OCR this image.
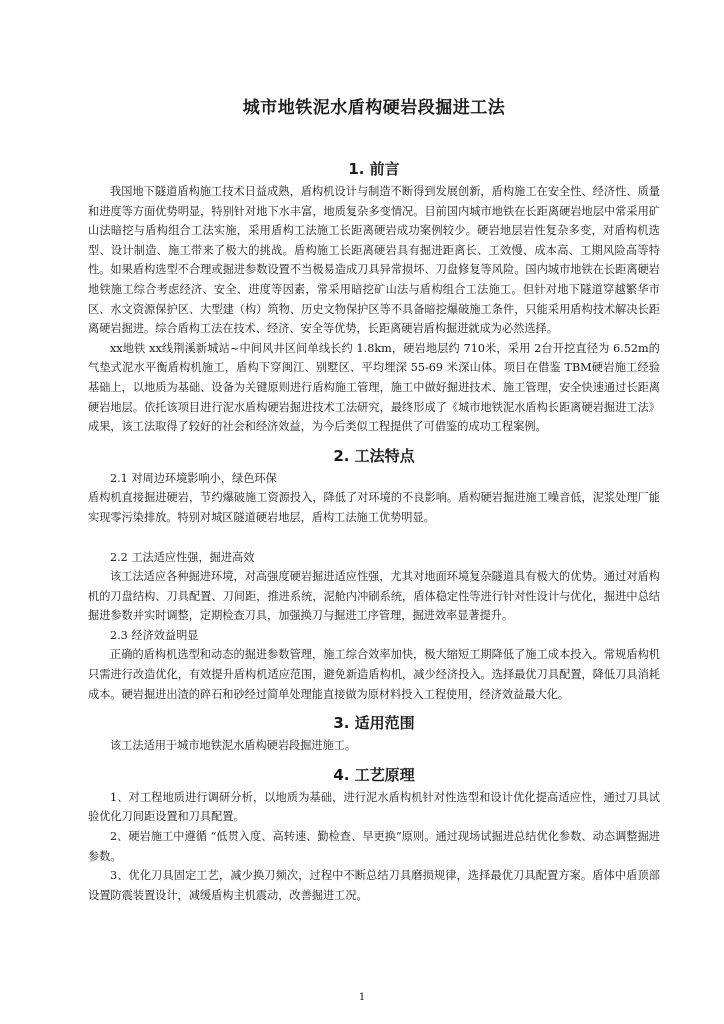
城市地铁泥水盾构硬岩段掘进工法
1. 前言

我国地下隧道盾构施工技术日益成熟，盾构机设计与制造不断得到发展创新，盾构施工在安全性、经济性、质量和进度等方面优势明显，特别针对地下水丰富，地质复杂多变情况。目前国内城市地铁在长距离硬岩地层中常采用矿山法暗挖与盾构组合工法实施，采用盾构工法施工长距离硬岩成功案例较少。硬岩地层岩性复杂多变，对盾构机选型、设计制造、施工带来了极大的挑战。盾构施工长距离硬岩具有掘进距离长、工效慢、成本高、工期风险高等特性。如果盾构选型不合理或掘进参数设置不当极易造成刀具异常损坏、刀盘修复等风险。国内城市地铁在长距离硬岩地铁施工综合考虑经济、安全、进度等因素，常采用暗挖矿山法与盾构组合工法施工。但针对地下隧道穿越繁华市区、水文资源保护区、大型建（构）筑物、历史文物保护区等不具备暗挖爆破施工条件，只能采用盾构技术解决长距离硬岩掘进。综合盾构工法在技术、经济、安全等优势，长距离硬岩盾构掘进就成为必然选择。

xx地铁 xx线荆溪新城站~中间风井区间单线长约 1.8km，硬岩地层约 710米，采用 2台开挖直径为 6.52m的气垫式泥水平衡盾构机施工，盾构下穿闽江、别墅区、平均埋深 55-69 米深山体。项目在借鉴 TBM硬岩施工经验基础上，以地质为基础、设备为关键原则进行盾构施工管理，施工中做好掘进技术、施工管理，安全快速通过长距离硬岩地层。依托该项目进行泥水盾构硬岩掘进技术工法研究，最终形成了《城市地铁泥水盾构长距离硬岩掘进工法》成果，该工法取得了较好的社会和经济效益，为今后类似工程提供了可借鉴的成功工程案例。

2. 工法特点

2.1 对周边环境影响小，绿色环保

盾构机直接掘进硬岩，节约爆破施工资源投入，降低了对环境的不良影响。盾构硬岩掘进施工噪音低，泥浆处理厂能实现零污染排放。特别对城区隧道硬岩地层，盾构工法施工优势明显。

2.2 工法适应性强，掘进高效

该工法适应各种掘进环境，对高强度硬岩掘进适应性强，尤其对地面环境复杂隧道具有极大的优势。通过对盾构机的刀盘结构、刀具配置、刀间距，推进系统，泥舱内冲刷系统，盾体稳定性等进行针对性设计与优化，掘进中总结掘进参数并实时调整，定期检查刀具，加强换刀与掘进工序管理，掘进效率显著提升。

2.3 经济效益明显

正确的盾构机选型和动态的掘进参数管理，施工综合效率加快，极大缩短工期降低了施工成本投入。常规盾构机只需进行改造优化，有效提升盾构机适应范围，避免新造盾构机，减少经济投入。选择最优刀具配置，降低刀具消耗成本。硬岩掘进出渣的碎石和砂经过简单处理能直接做为原材料投入工程使用，经济效益最大化。

3. 适用范围

该工法适用于城市地铁泥水盾构硬岩段掘进施工。

4. 工艺原理

1、对工程地质进行调研分析，以地质为基础，进行泥水盾构机针对性选型和设计优化提高适应性，通过刀具试验优化刀间距设置和刀具配置。

2、硬岩施工中遵循 “低贯入度、高转速、勤检查、早更换”原则。通过现场试掘进总结优化参数、动态调整掘进参数。

3、优化刀具固定工艺，减少换刀频次，过程中不断总结刀具磨损规律，选择最优刀具配置方案。盾体中盾顶部设置防震装置设计，减缓盾构主机震动，改善掘进工况。

1
